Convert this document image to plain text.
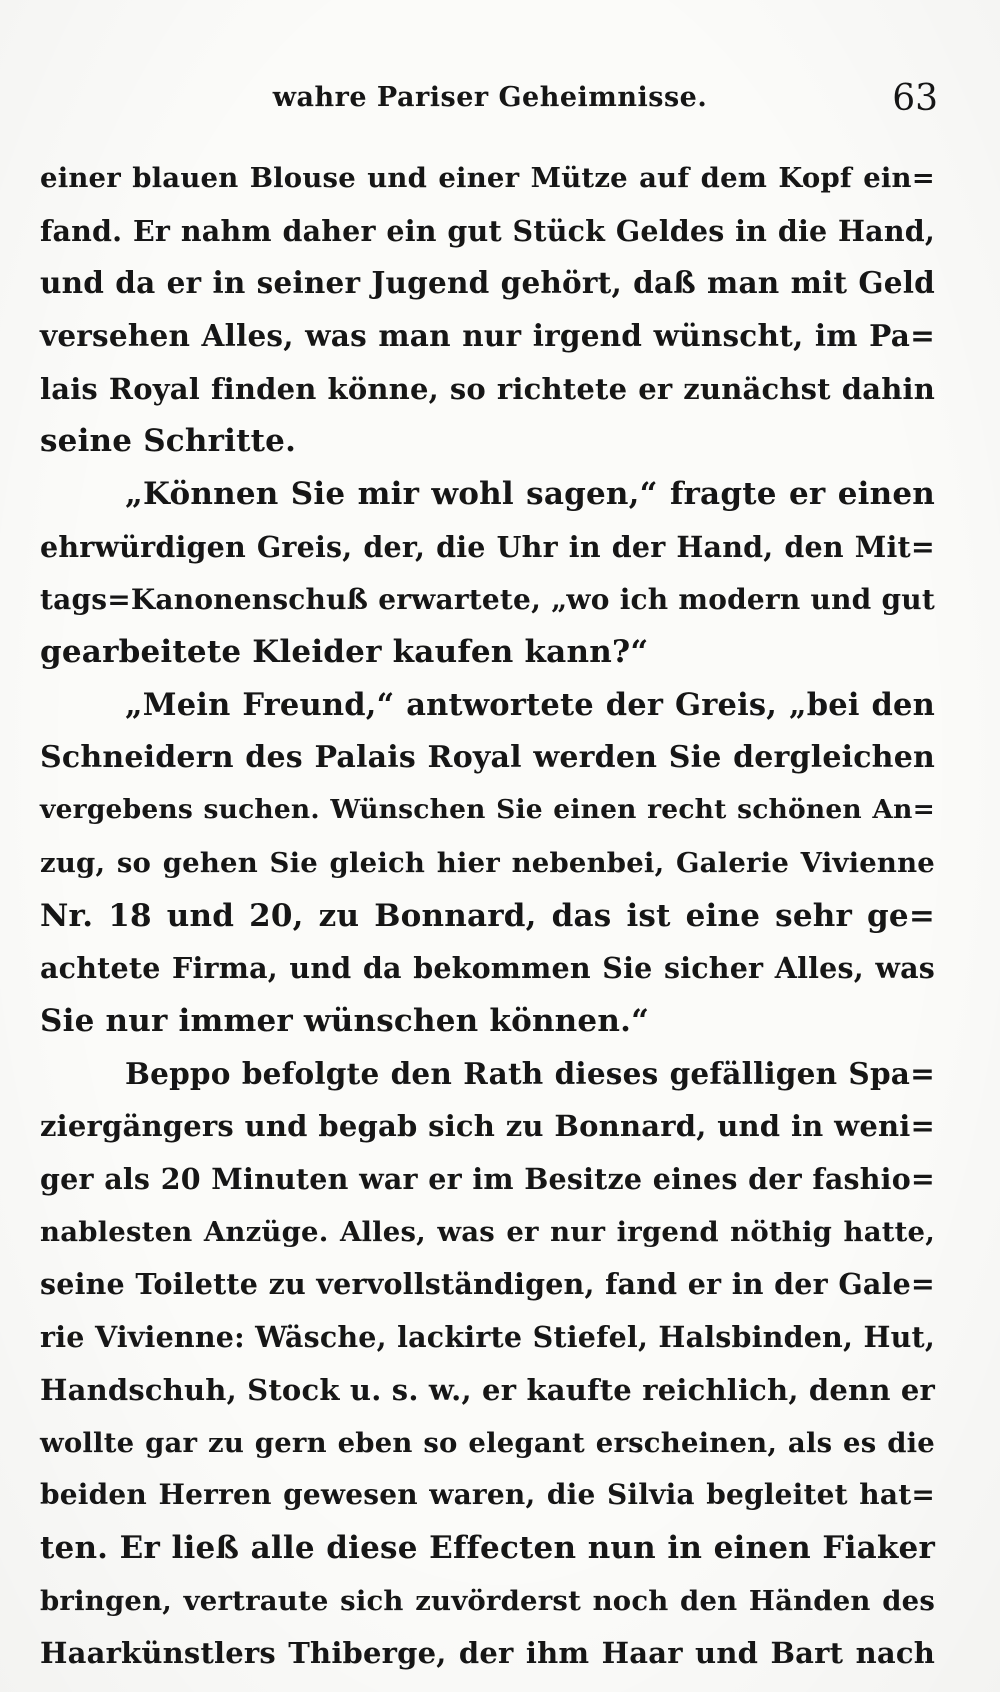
wahre Pariser Geheimnisse.	63
einer blauen Blouse und einer Mütze auf dem Kopf ein=
fand. Er nahm daher ein gut Stück Geldes in die Hand,
und da er in seiner Jugend gehört, daß man mit Geld
versehen Alles, was man nur irgend wünscht, im Pa=
lais Royal finden könne, so richtete er zunächst dahin
seine Schritte.
„Können Sie mir wohl sagen,“ fragte er einen
ehrwürdigen Greis, der, die Uhr in der Hand, den Mit=
tags=Kanonenschuß erwartete, „wo ich modern und gut
gearbeitete Kleider kaufen kann?“
„Mein Freund,“ antwortete der Greis, „bei den
Schneidern des Palais Royal werden Sie dergleichen
vergebens suchen. Wünschen Sie einen recht schönen An=
zug, so gehen Sie gleich hier nebenbei, Galerie Vivienne
Nr. 18 und 20, zu Bonnard, das ist eine sehr ge=
achtete Firma, und da bekommen Sie sicher Alles, was
Sie nur immer wünschen können.“
Beppo befolgte den Rath dieses gefälligen Spa=
ziergängers und begab sich zu Bonnard, und in weni=
ger als 20 Minuten war er im Besitze eines der fashio=
nablesten Anzüge. Alles, was er nur irgend nöthig hatte,
seine Toilette zu vervollständigen, fand er in der Gale=
rie Vivienne: Wäsche, lackirte Stiefel, Halsbinden, Hut,
Handschuh, Stock u. s. w., er kaufte reichlich, denn er
wollte gar zu gern eben so elegant erscheinen, als es die
beiden Herren gewesen waren, die Silvia begleitet hat=
ten. Er ließ alle diese Effecten nun in einen Fiaker
bringen, vertraute sich zuvörderst noch den Händen des
Haarkünstlers Thiberge, der ihm Haar und Bart nach
